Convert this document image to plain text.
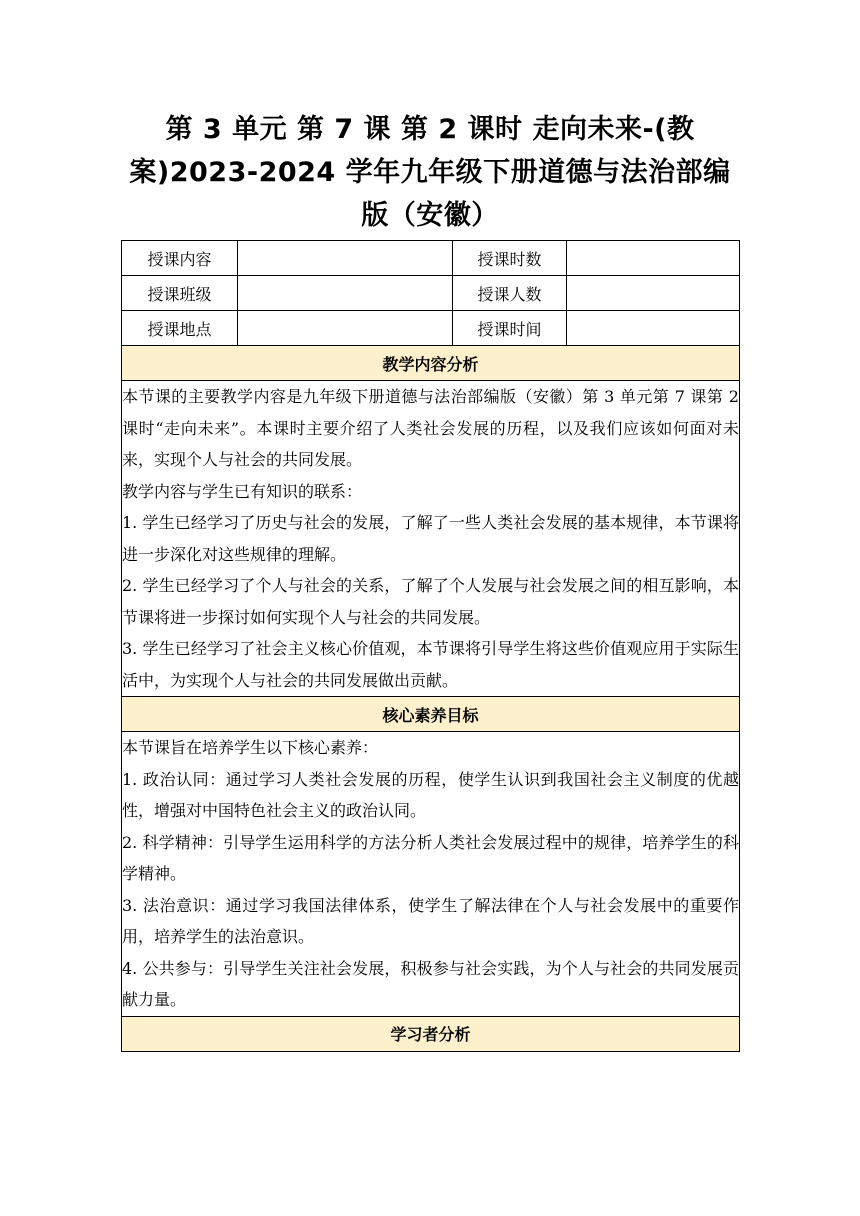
第 3 单元 第 7 课 第 2 课时 走向未来-(教案)2023-2024 学年九年级下册道德与法治部编版（安徽）
授课内容		授课时数	
授课班级		授课人数	
授课地点		授课时间	
教学内容分析			

本节课的主要教学内容是九年级下册道德与法治部编版（安徽）第 3 单元第 7 课第 2 课时“走向未来”。本课时主要介绍了人类社会发展的历程，以及我们应该如何面对未来，实现个人与社会的共同发展。
教学内容与学生已有知识的联系：
1. 学生已经学习了历史与社会的发展，了解了一些人类社会发展的基本规律，本节课将进一步深化对这些规律的理解。
2. 学生已经学习了个人与社会的关系，了解了个人发展与社会发展之间的相互影响，本节课将进一步探讨如何实现个人与社会的共同发展。
3. 学生已经学习了社会主义核心价值观，本节课将引导学生将这些价值观应用于实际生活中，为实现个人与社会的共同发展做出贡献。			

核心素养目标			

本节课旨在培养学生以下核心素养：
1. 政治认同：通过学习人类社会发展的历程，使学生认识到我国社会主义制度的优越性，增强对中国特色社会主义的政治认同。
2. 科学精神：引导学生运用科学的方法分析人类社会发展过程中的规律，培养学生的科学精神。
3. 法治意识：通过学习我国法律体系，使学生了解法律在个人与社会发展中的重要作用，培养学生的法治意识。
4. 公共参与：引导学生关注社会发展，积极参与社会实践，为个人与社会的共同发展贡献力量。			

学习者分析			
